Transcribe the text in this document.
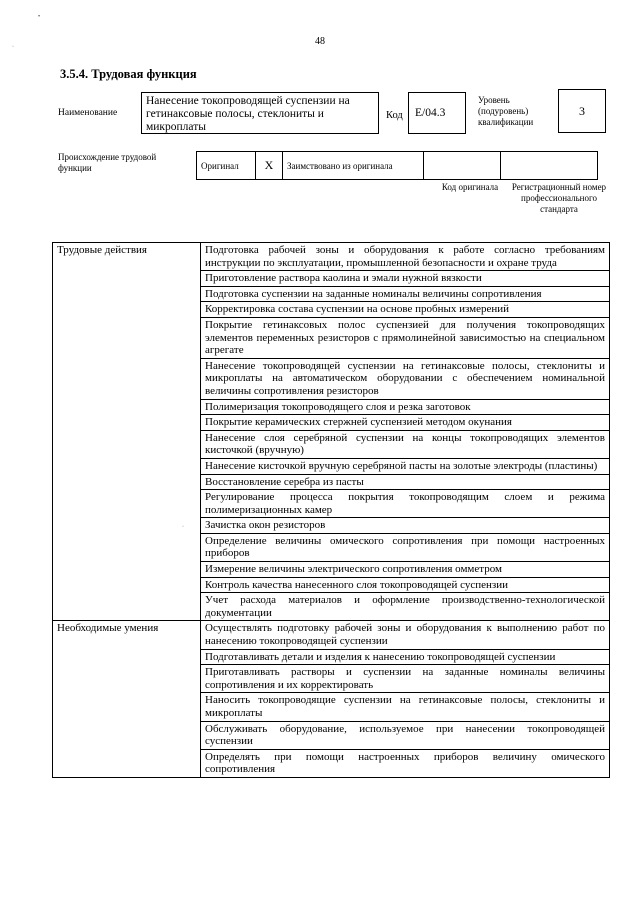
•
·
·
48
3.5.4. Трудовая функция
Наименование
Нанесение токопроводящей суспензии на гетинаксовые полосы, стеклониты и микроплаты
Код	E/04.3
Уровень (подуровень) квалификации
3
Происхождение трудовой функции	Оригинал	X	Заимствовано из оригинала		
Код оригинала	Регистрационный номер профессионального стандарта
Трудовые действия	Подготовка рабочей зоны и оборудования к работе согласно требованиям инструкции по эксплуатации, промышленной безопасности и охране труда
	Приготовление раствора каолина и эмали нужной вязкости
	Подготовка суспензии на заданные номиналы величины сопротивления
	Корректировка состава суспензии на основе пробных измерений
	Покрытие гетинаксовых полос суспензией для получения токопроводящих элементов переменных резисторов с прямолинейной зависимостью на специальном агрегате
	Нанесение токопроводящей суспензии на гетинаксовые полосы, стеклониты и микроплаты на автоматическом оборудовании с обеспечением номинальной величины сопротивления резисторов
	Полимеризация токопроводящего слоя и резка заготовок
	Покрытие керамических стержней суспензией методом окунания
	Нанесение слоя серебряной суспензии на концы токопроводящих элементов кисточкой (вручную)
	Нанесение кисточкой вручную серебряной пасты на золотые электроды (пластины)
	Восстановление серебра из пасты
	Регулирование процесса покрытия токопроводящим слоем и режима полимеризационных камер
	Зачистка окон резисторов
	Определение величины омического сопротивления при помощи настроенных приборов
	Измерение величины электрического сопротивления омметром
	Контроль качества нанесенного слоя токопроводящей суспензии
	Учет расхода материалов и оформление производственно-технологической документации
Необходимые умения	Осуществлять подготовку рабочей зоны и оборудования к выполнению работ по нанесению токопроводящей суспензии
	Подготавливать детали и изделия к нанесению токопроводящей суспензии
	Приготавливать растворы и суспензии на заданные номиналы величины сопротивления и их корректировать
	Наносить токопроводящие суспензии на гетинаксовые полосы, стеклониты и микроплаты
	Обслуживать оборудование, используемое при нанесении токопроводящей суспензии
	Определять при помощи настроенных приборов величину омического сопротивления
